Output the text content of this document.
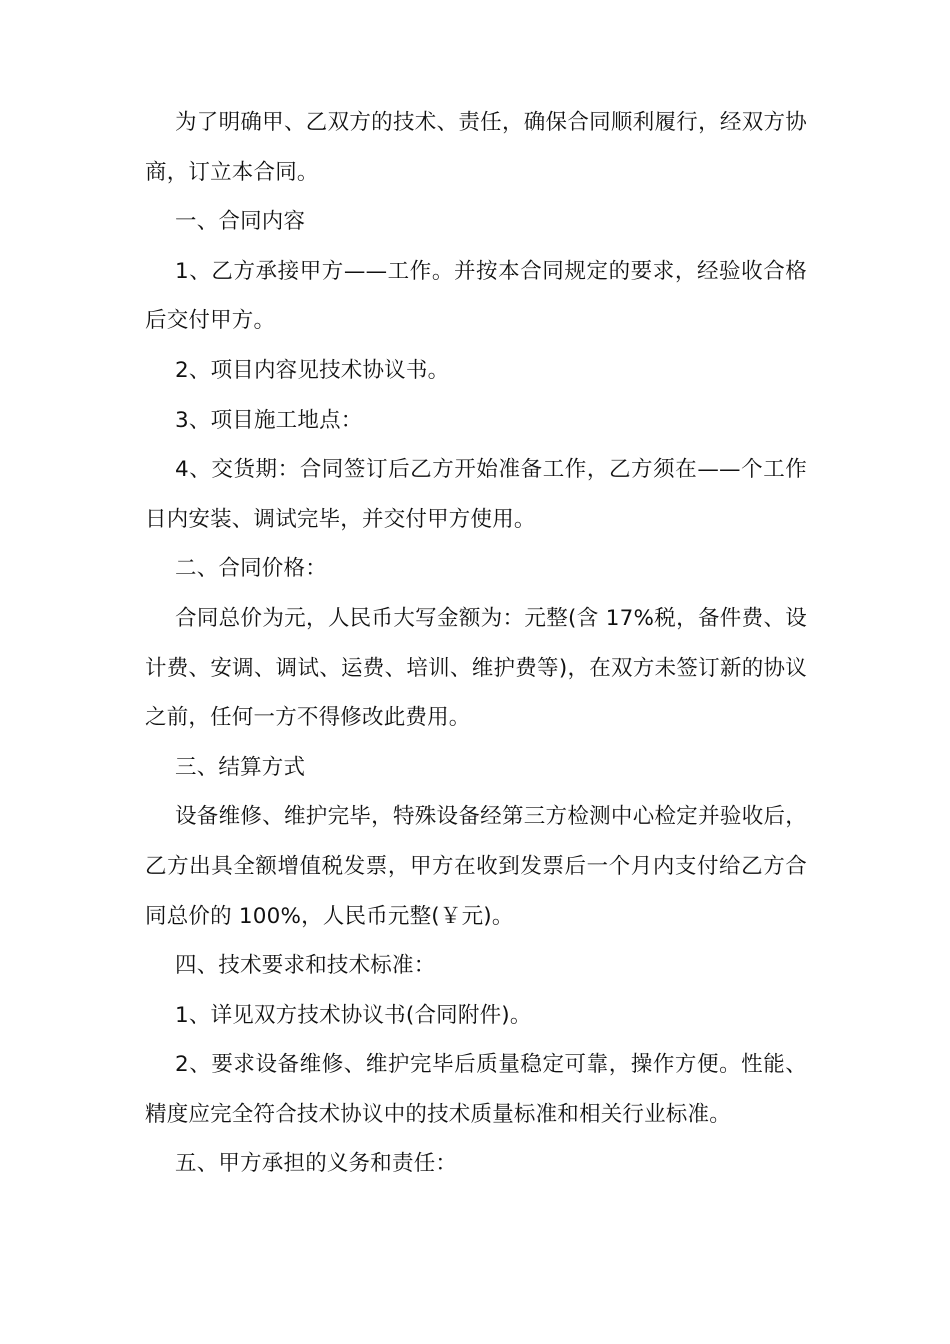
为了明确甲、乙双方的技术、责任，确保合同顺利履行，经双方协商，订立本合同。

一、合同内容

1、乙方承接甲方——工作。并按本合同规定的要求，经验收合格后交付甲方。

2、项目内容见技术协议书。

3、项目施工地点：

4、交货期：合同签订后乙方开始准备工作，乙方须在——个工作日内安装、调试完毕，并交付甲方使用。

二、合同价格：

合同总价为元，人民币大写金额为：元整(含 17%税，备件费、设计费、安调、调试、运费、培训、维护费等)，在双方未签订新的协议之前，任何一方不得修改此费用。

三、结算方式

设备维修、维护完毕，特殊设备经第三方检测中心检定并验收后，乙方出具全额增值税发票，甲方在收到发票后一个月内支付给乙方合同总价的 100%，人民币元整(￥元)。

四、技术要求和技术标准：

1、详见双方技术协议书(合同附件)。

2、要求设备维修、维护完毕后质量稳定可靠，操作方便。性能、精度应完全符合技术协议中的技术质量标准和相关行业标准。

五、甲方承担的义务和责任：
